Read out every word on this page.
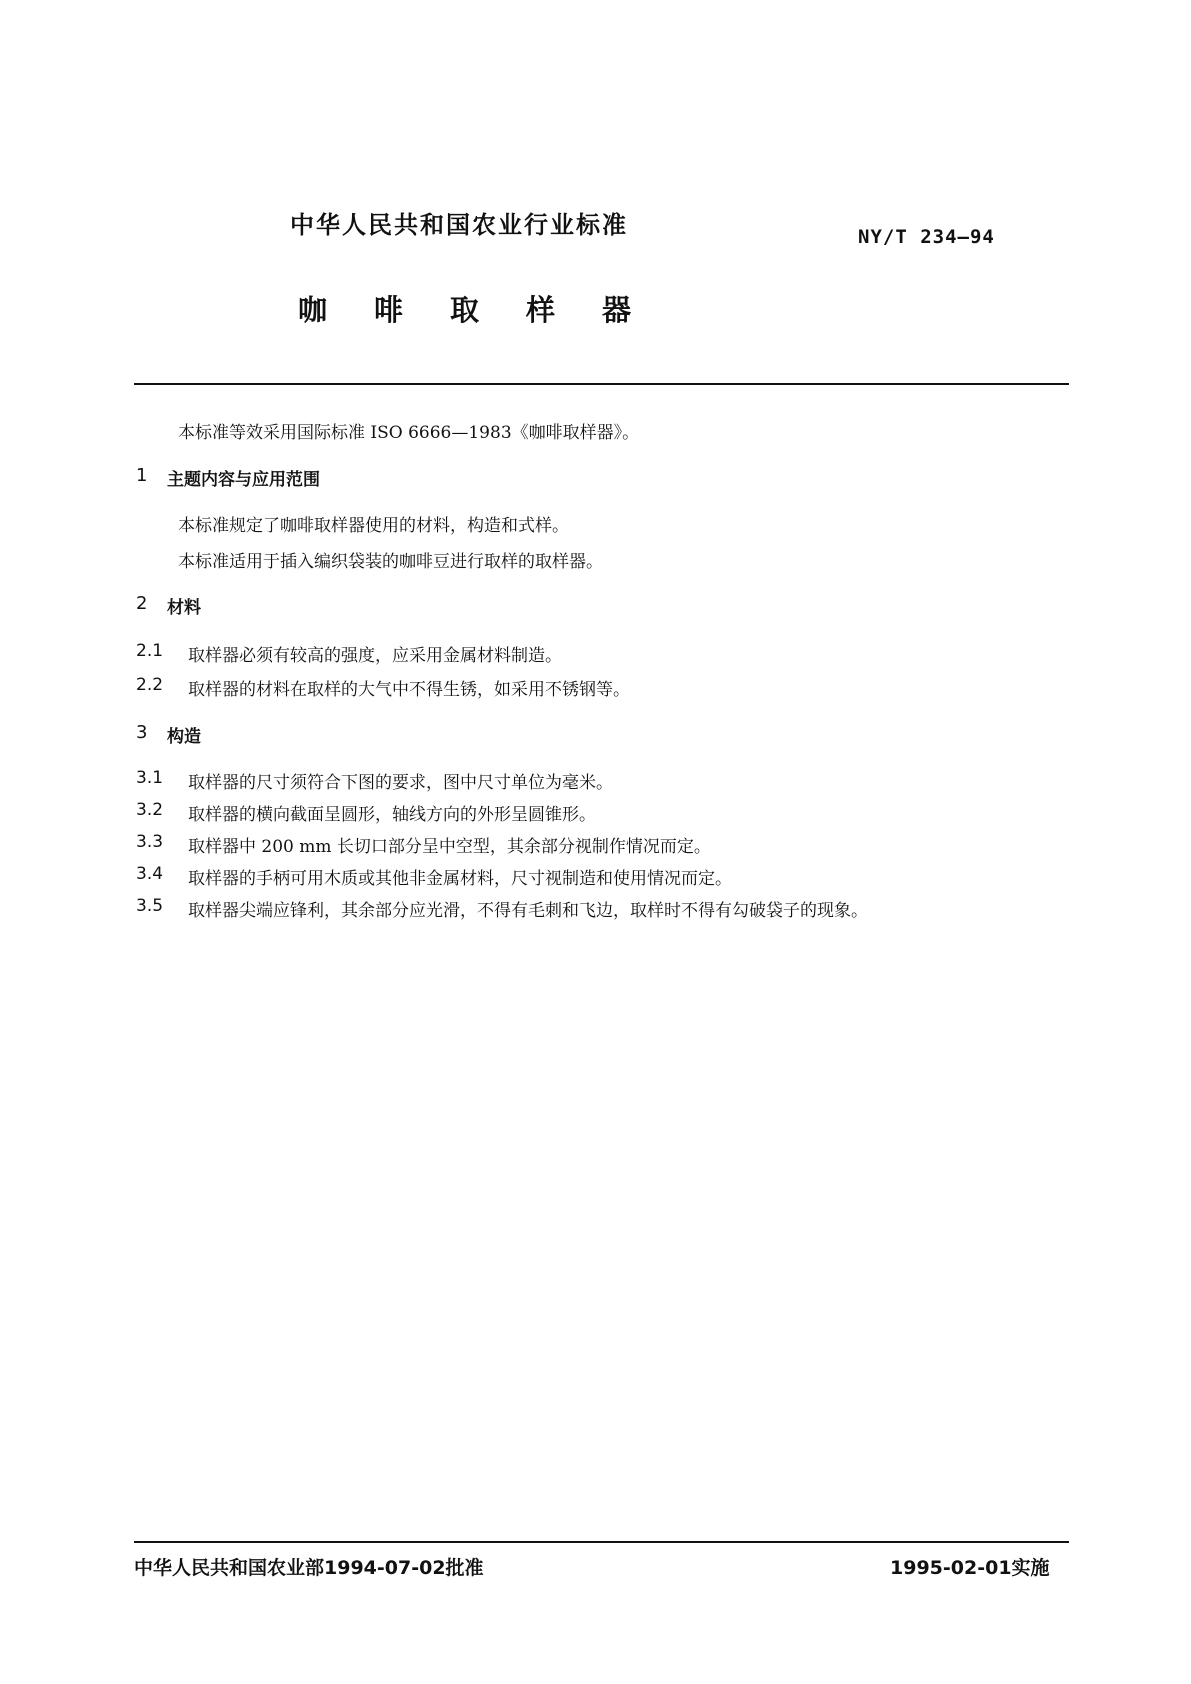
中华人民共和国农业行业标准	NY/T 234—94
咖啡取样器
本标准等效采用国际标准 ISO 6666—1983《咖啡取样器》。
1 主题内容与应用范围
本标准规定了咖啡取样器使用的材料，构造和式样。
本标准适用于插入编织袋装的咖啡豆进行取样的取样器。
2 材料
2.1 取样器必须有较高的强度，应采用金属材料制造。
2.2 取样器的材料在取样的大气中不得生锈，如采用不锈钢等。
3 构造
3.1 取样器的尺寸须符合下图的要求，图中尺寸单位为毫米。
3.2 取样器的横向截面呈圆形，轴线方向的外形呈圆锥形。
3.3 取样器中 200 mm 长切口部分呈中空型，其余部分视制作情况而定。
3.4 取样器的手柄可用木质或其他非金属材料，尺寸视制造和使用情况而定。
3.5 取样器尖端应锋利，其余部分应光滑，不得有毛刺和飞边，取样时不得有勾破袋子的现象。
中华人民共和国农业部1994-07-02批准	1995-02-01实施
